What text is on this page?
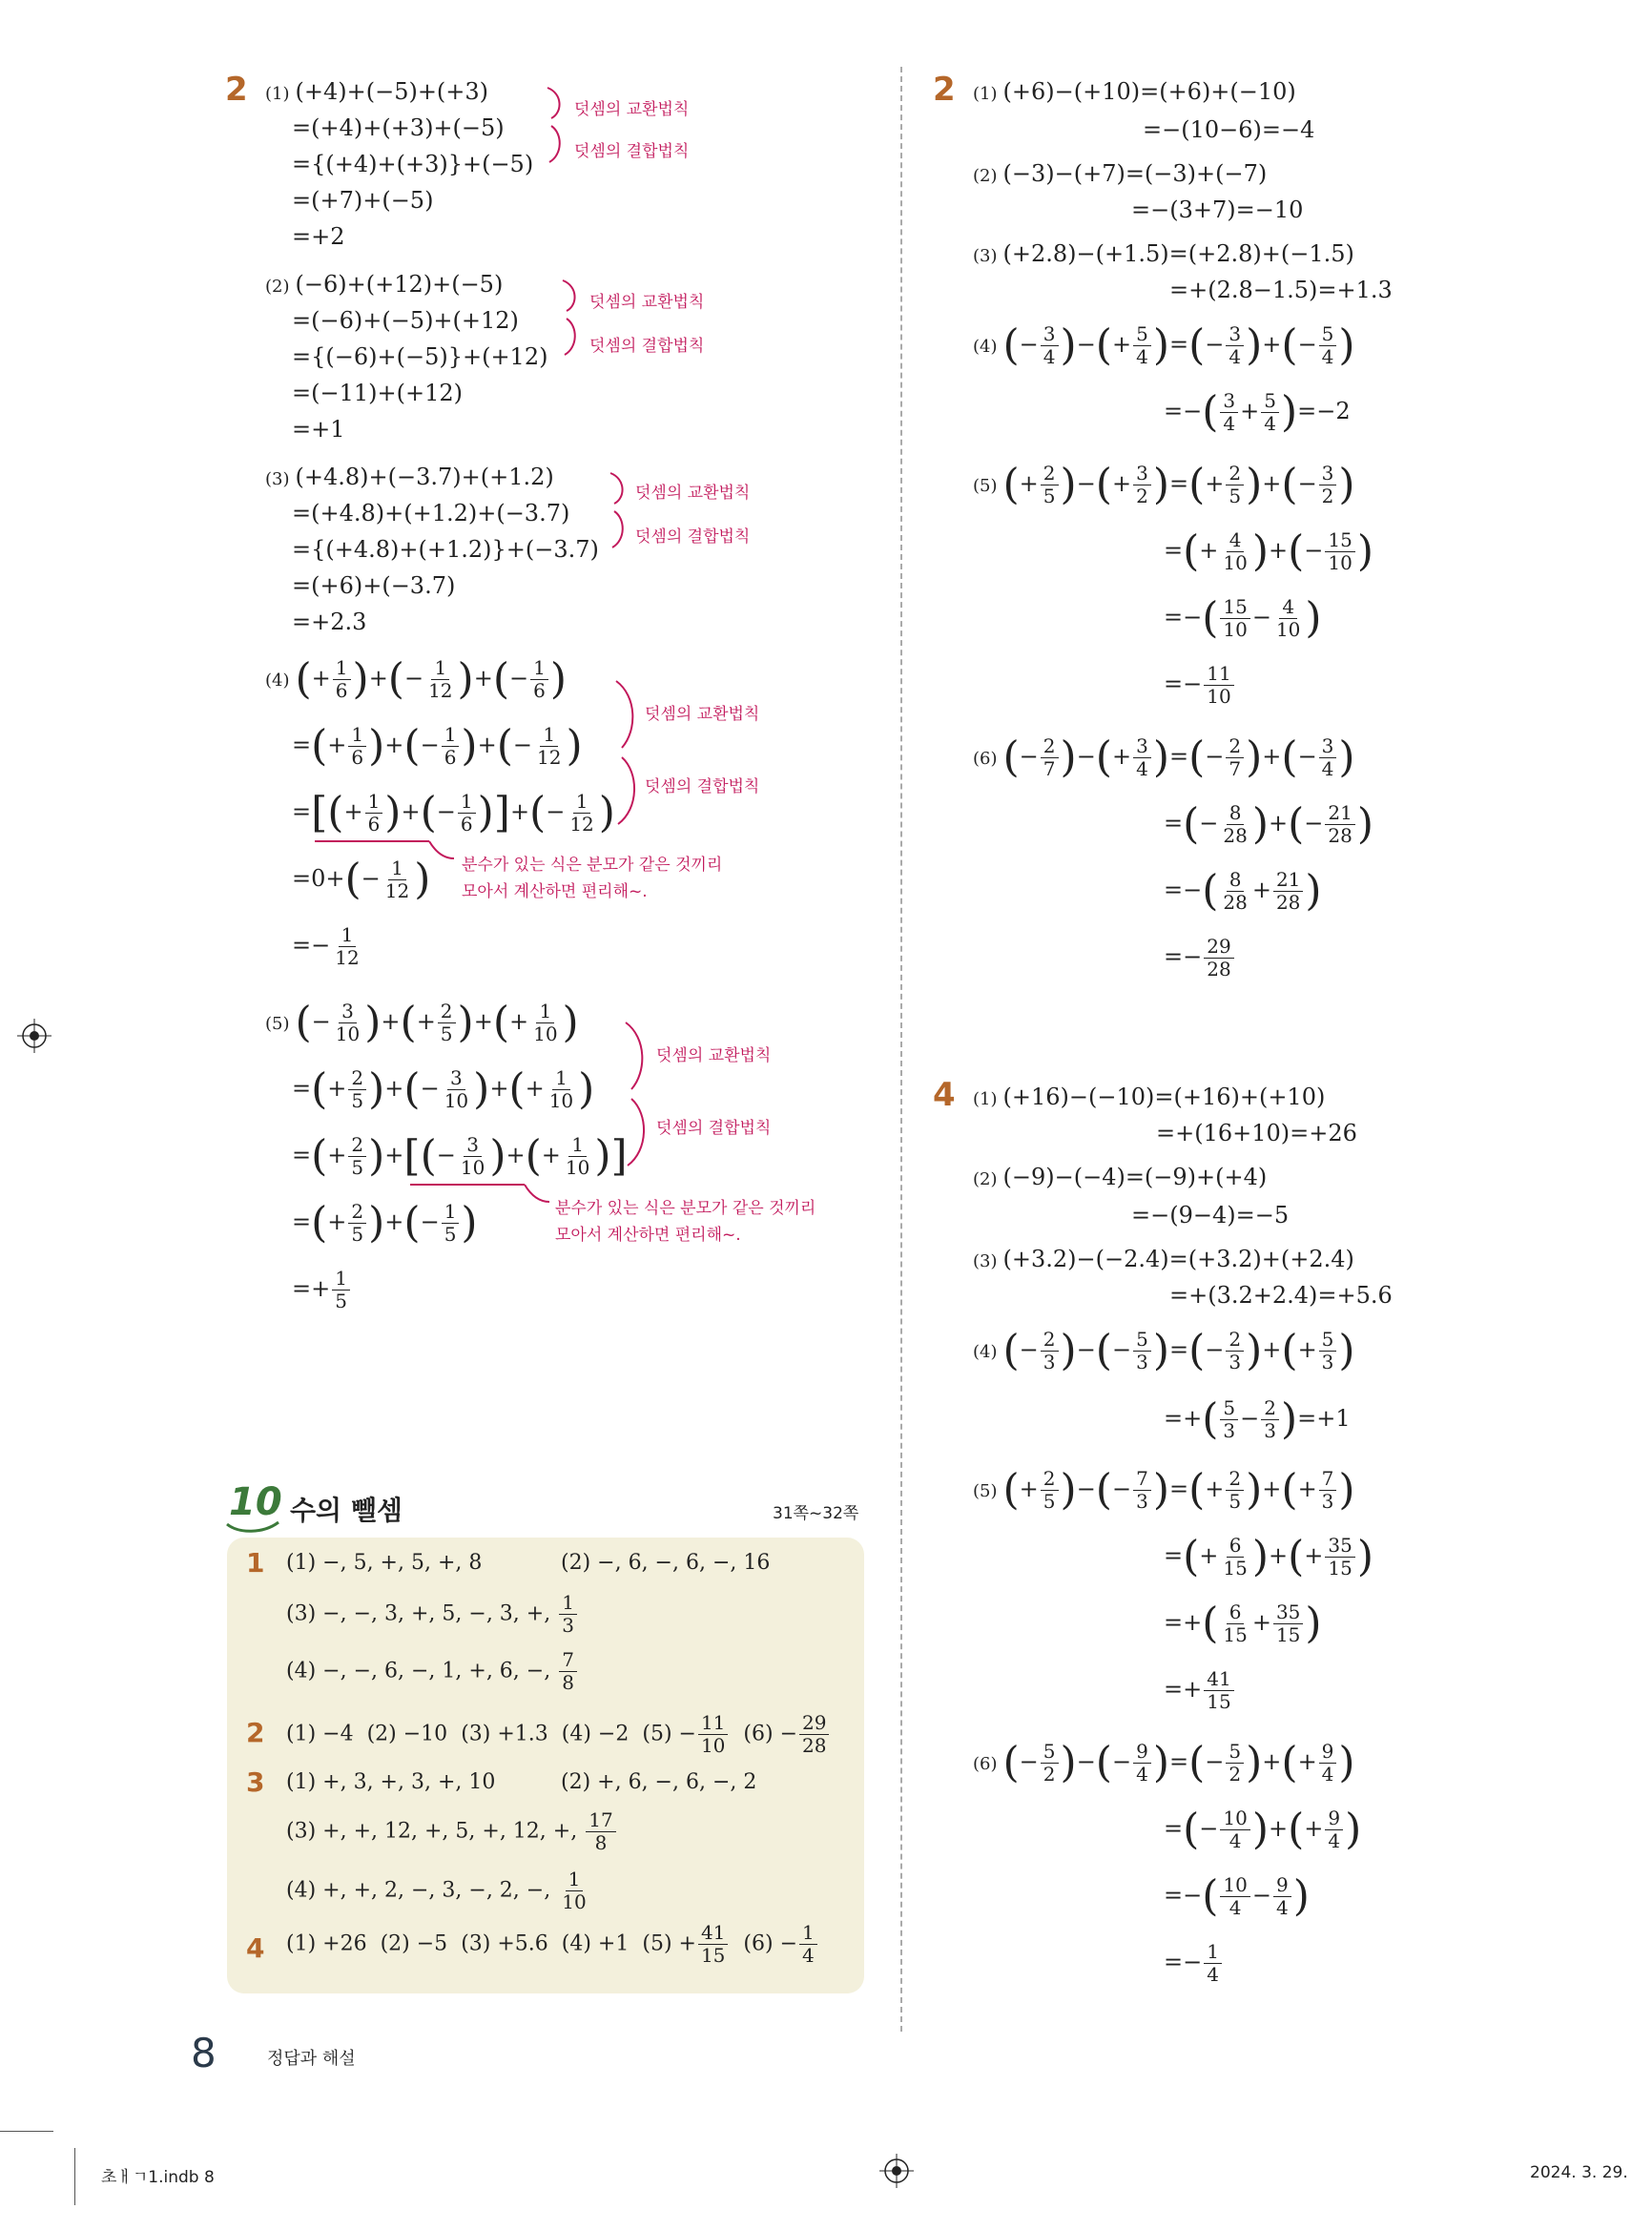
2 (1) (+4)+(−5)+(+3)
=(+4)+(+3)+(−5)
={(+4)+(+3)}+(−5)
=(+7)+(−5)
=+2
덧셈의 교환법칙
덧셈의 결합법칙
(2) (−6)+(+12)+(−5)
=(−6)+(−5)+(+12)
={(−6)+(−5)}+(+12)
=(−11)+(+12)
=+1
덧셈의 교환법칙
덧셈의 결합법칙
(3) (+4.8)+(−3.7)+(+1.2)
=(+4.8)+(+1.2)+(−3.7)
={(+4.8)+(+1.2)}+(−3.7)
=(+6)+(−3.7)
=+2.3
덧셈의 교환법칙
덧셈의 결합법칙
(4) (+ $\frac{1}{6}$ )+(− $\frac{1}{12}$ )+(− $\frac{1}{6}$ )
=(+ $\frac{1}{6}$ )+(− $\frac{1}{6}$ )+(− $\frac{1}{12}$ )
=[(+ $\frac{1}{6}$ )+(− $\frac{1}{6}$ )]+(− $\frac{1}{12}$ )
분수가 있는 식은 분모가 같은 것끼리
모아서 계산하면 편리해~.
$=0+(- \frac{1}{12}$ )
=− $\frac{1}{12}$
덧셈의 교환법칙
덧셈의 결합법칙
(5) (− $\frac{3}{10}$ )+(+ $\frac{2}{5}$ )+(+ $\frac{1}{10}$ )
=(+ $\frac{2}{5}$ )+(− $\frac{3}{10}$ )+(+ $\frac{1}{10}$ )
=(+ $\frac{2}{5}$ )+[(− $\frac{3}{10}$ )+(+ $\frac{1}{10}$ )]
분수가 있는 식은 분모가 같은 것끼리
모아서 계산하면 편리해~.
=(+ $\frac{2}{5}$ )+(− $\frac{1}{5}$ )
=+ $\frac{1}{5}$
덧셈의 교환법칙
덧셈의 결합법칙
10 수의 뺄셈	31쪽~32쪽
1 (1) −, 5, +, 5, +, 8	(2) −, 6, −, 6, −, 16
(3) −, −, 3, +, 5, −, 3, +, $\frac{1}{3}$
(4) −, −, 6, −, 1, +, 6, −, $\frac{7}{8}$
2 (1) −4 (2) −10 (3) +1.3 (4) −2 $(5) - \frac{11}{10} (6) - \frac{29}{28}$
3 (1) +, 3, +, 3, +, 10	(2) +, 6, −, 6, −, 2
(3) +, +, 12, +, 5, +, 12, +, $\frac{17}{8}$
(4) +, +, 2, −, 3, −, 2, −, $\frac{1}{10}$
4 (1) +26 (2) −5 (3) +5.6 (4) +1 $(5) + \frac{41}{15} (6) - \frac{1}{4}$
2 (1) (+6)−(+10)=(+6)+(−10)
=−(10−6)=−4
(2) (−3)−(+7)=(−3)+(−7)
=−(3+7)=−10
(3) (+2.8)−(+1.5)=(+2.8)+(−1.5)
=+(2.8−1.5)=+1.3
(4) (− $\frac{3}{4}$ )−(+ $\frac{5}{4}$ )=(− $\frac{3}{4}$ )+(− $\frac{5}{4}$ )
=−( $\frac{3}{4} + \frac{5}{4} )=-2$
(5) (+ $\frac{2}{5}$ )−(+ $\frac{3}{2}$ )=(+ $\frac{2}{5}$ )+(− $\frac{3}{2}$ )
=(+ $\frac{4}{10}$ )+(− $\frac{15}{10}$ )
=−( $\frac{15}{10} - \frac{4}{10}$ )
=− $\frac{11}{10}$
(6) (− $\frac{2}{7}$ )−(+ $\frac{3}{4}$ )=(− $\frac{2}{7}$ )+(− $\frac{3}{4}$ )
=(− $\frac{8}{28}$ )+(− $\frac{21}{28}$ )
=−( $\frac{8}{28} + \frac{21}{28}$ )
=− $\frac{29}{28}$
4 (1) (+16)−(−10)=(+16)+(+10)
=+(16+10)=+26
(2) (−9)−(−4)=(−9)+(+4)
=−(9−4)=−5
(3) (+3.2)−(−2.4)=(+3.2)+(+2.4)
=+(3.2+2.4)=+5.6
(4) (− $\frac{2}{3}$ )−(− $\frac{5}{3}$ )=(− $\frac{2}{3}$ )+(+ $\frac{5}{3}$ )
=+( $\frac{5}{3} - \frac{2}{3} )=+1$
(5) (+ $\frac{2}{5}$ )−(− $\frac{7}{3}$ )=(+ $\frac{2}{5}$ )+(+ $\frac{7}{3}$ )
=(+ $\frac{6}{15}$ )+(+ $\frac{35}{15}$ )
=+( $\frac{6}{15} + \frac{35}{15}$ )
=+ $\frac{41}{15}$
(6) (− $\frac{5}{2}$ )−(− $\frac{9}{4}$ )=(− $\frac{5}{2}$ )+(+ $\frac{9}{4}$ )
=(− $\frac{10}{4}$ )+(+ $\frac{9}{4}$ )
=−( $\frac{10}{4} - \frac{9}{4}$ )
=− $\frac{1}{4}$
8	정답과 해설
초ㅐㄱ1.indb 8	2024. 3. 29.
